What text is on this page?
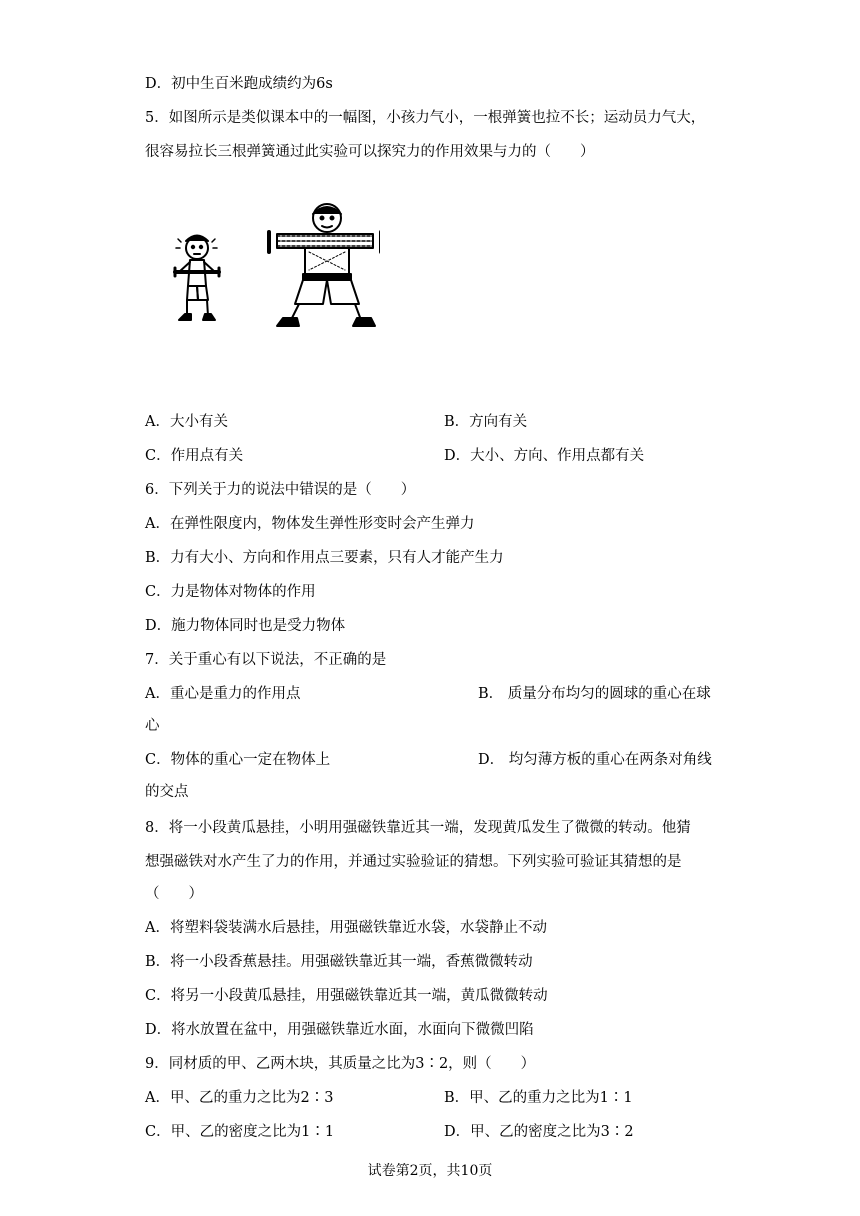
D．初中生百米跑成绩约为6s
5．如图所示是类似课本中的一幅图，小孩力气小，一根弹簧也拉不长；运动员力气大，
很容易拉长三根弹簧通过此实验可以探究力的作用效果与力的（　　）
A．大小有关	B．方向有关
C．作用点有关	D．大小、方向、作用点都有关
6．下列关于力的说法中错误的是（　　）
A．在弹性限度内，物体发生弹性形变时会产生弹力
B．力有大小、方向和作用点三要素，只有人才能产生力
C．力是物体对物体的作用
D．施力物体同时也是受力物体
7．关于重心有以下说法，不正确的是
A．重心是重力的作用点	B． 质量分布均匀的圆球的重心在球
心
C．物体的重心一定在物体上	D． 均匀薄方板的重心在两条对角线
的交点
8．将一小段黄瓜悬挂，小明用强磁铁靠近其一端，发现黄瓜发生了微微的转动。他猜
想强磁铁对水产生了力的作用，并通过实验验证的猜想。下列实验可验证其猜想的是
（　　）
A．将塑料袋装满水后悬挂，用强磁铁靠近水袋，水袋静止不动
B．将一小段香蕉悬挂。用强磁铁靠近其一端，香蕉微微转动
C．将另一小段黄瓜悬挂，用强磁铁靠近其一端，黄瓜微微转动
D．将水放置在盆中，用强磁铁靠近水面，水面向下微微凹陷
9．同材质的甲、乙两木块，其质量之比为3∶2，则（　　）
A．甲、乙的重力之比为2∶3	B．甲、乙的重力之比为1∶1
C．甲、乙的密度之比为1∶1	D．甲、乙的密度之比为3∶2
试卷第2页，共10页
